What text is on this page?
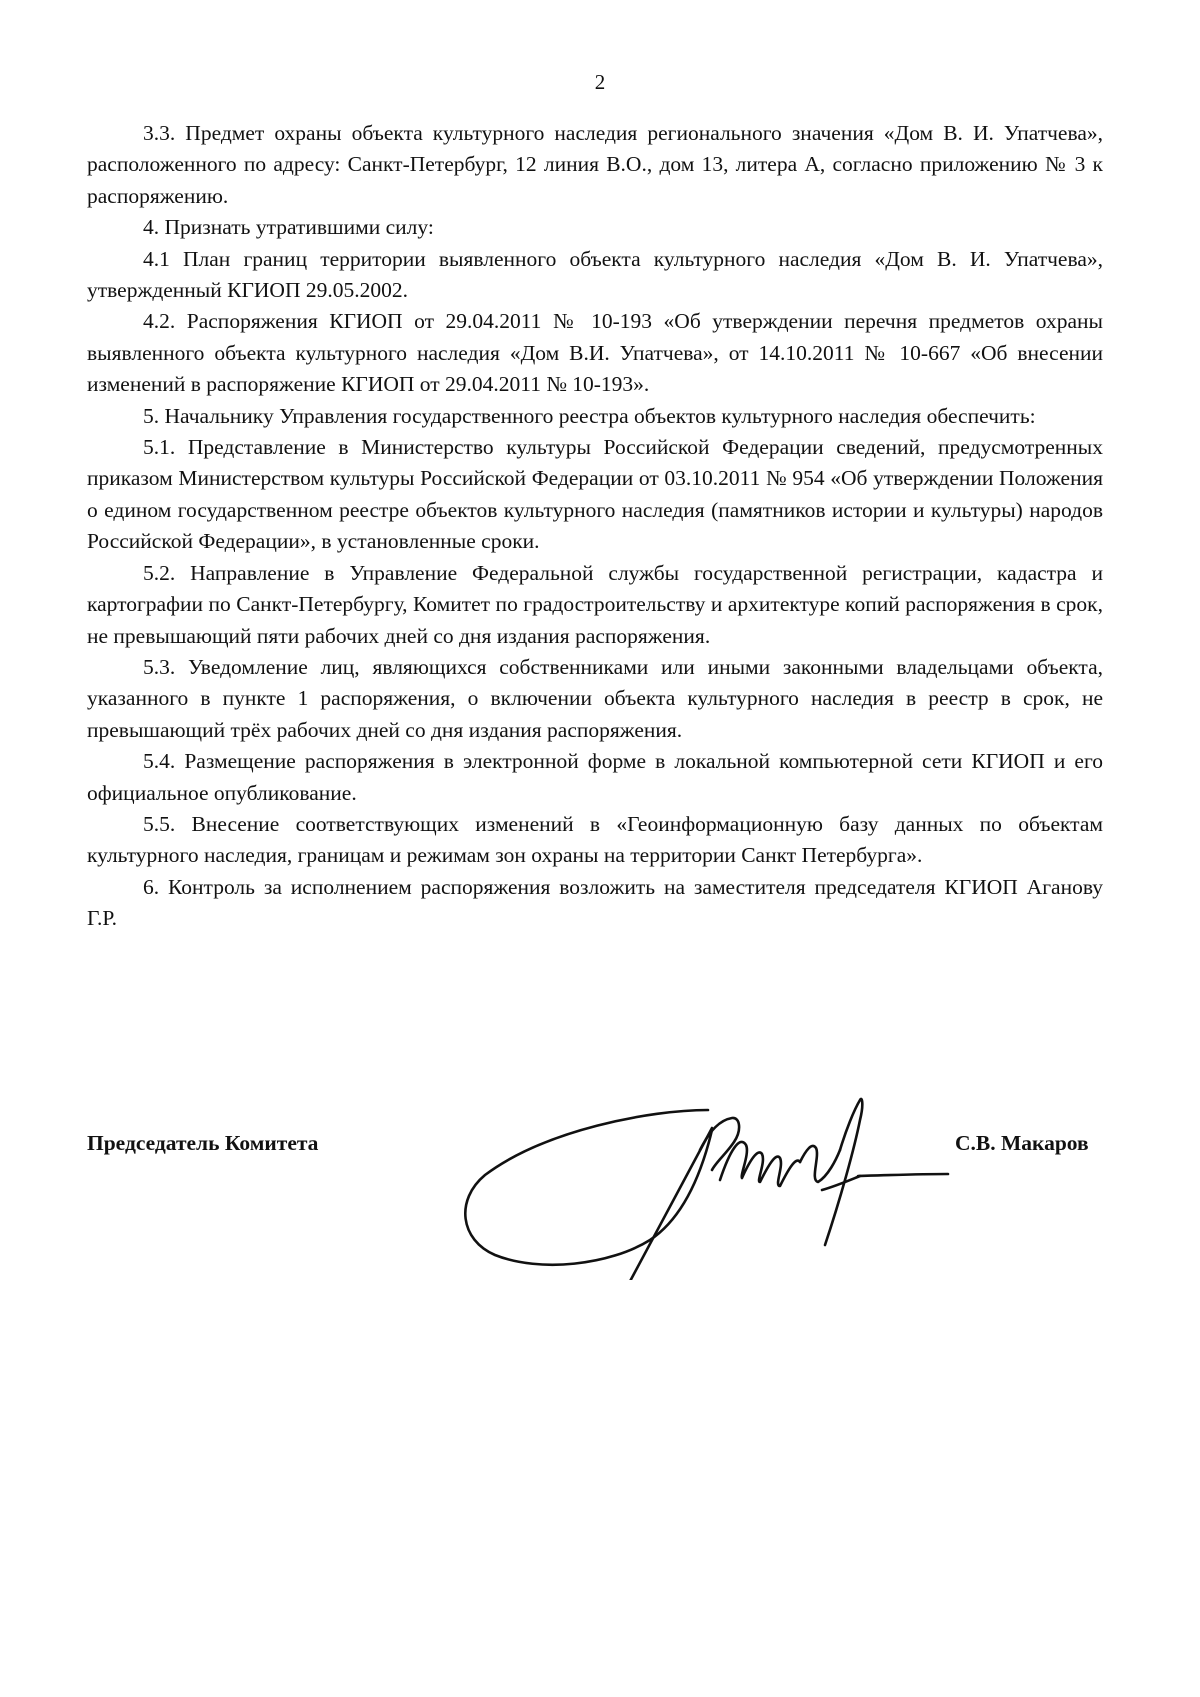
2

3.3. Предмет охраны объекта культурного наследия регионального значения «Дом В. И. Упатчева», расположенного по адресу: Санкт-Петербург, 12 линия В.О., дом 13, литера А, согласно приложению № 3 к распоряжению.

4. Признать утратившими силу:

4.1 План границ территории выявленного объекта культурного наследия «Дом В. И. Упатчева», утвержденный КГИОП 29.05.2002.

4.2. Распоряжения КГИОП от 29.04.2011 № 10-193 «Об утверждении перечня предметов охраны выявленного объекта культурного наследия «Дом В.И. Упатчева», от 14.10.2011 № 10-667 «Об внесении изменений в распоряжение КГИОП от 29.04.2011 № 10-193».

5. Начальнику Управления государственного реестра объектов культурного наследия обеспечить:

5.1. Представление в Министерство культуры Российской Федерации сведений, предусмотренных приказом Министерством культуры Российской Федерации от 03.10.2011 № 954 «Об утверждении Положения о едином государственном реестре объектов культурного наследия (памятников истории и культуры) народов Российской Федерации», в установленные сроки.

5.2. Направление в Управление Федеральной службы государственной регистрации, кадастра и картографии по Санкт-Петербургу, Комитет по градостроительству и архитектуре копий распоряжения в срок, не превышающий пяти рабочих дней со дня издания распоряжения.

5.3. Уведомление лиц, являющихся собственниками или иными законными владельцами объекта, указанного в пункте 1 распоряжения, о включении объекта культурного наследия в реестр в срок, не превышающий трёх рабочих дней со дня издания распоряжения.

5.4. Размещение распоряжения в электронной форме в локальной компьютерной сети КГИОП и его официальное опубликование.

5.5. Внесение соответствующих изменений в «Геоинформационную базу данных по объектам культурного наследия, границам и режимам зон охраны на территории Санкт Петербурга».

6. Контроль за исполнением распоряжения возложить на заместителя председателя КГИОП Аганову Г.Р.

Председатель Комитета	С.В. Макаров
